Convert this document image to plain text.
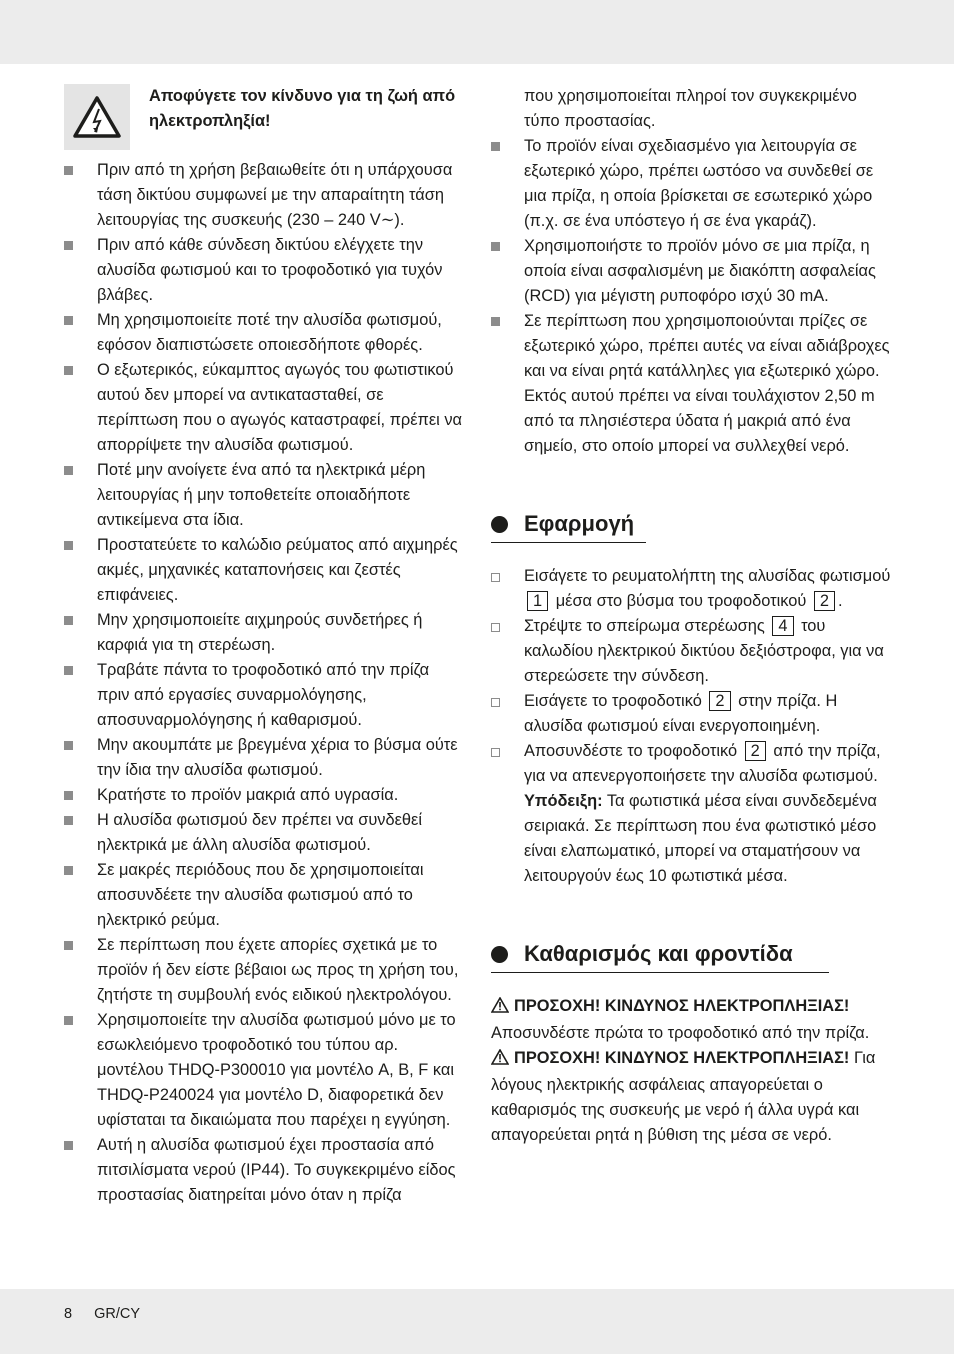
Αποφύγετε τον κίνδυνο για τη ζωή από ηλεκτροπληξία!
Πριν από τη χρήση βεβαιωθείτε ότι η υπάρχουσα τάση δικτύου συμφωνεί με την απαραίτητη τάση λειτουργίας της συσκευής (230 – 240 V∼).
Πριν από κάθε σύνδεση δικτύου ελέγχετε την αλυσίδα φωτισμού και το τροφοδοτικό για τυχόν βλάβες.
Μη χρησιμοποιείτε ποτέ την αλυσίδα φωτισμού, εφόσον διαπιστώσετε οποιεσδήποτε φθορές.
Ο εξωτερικός, εύκαμπτος αγωγός του φωτιστικού αυτού δεν μπορεί να αντικατασταθεί, σε περίπτωση που ο αγωγός καταστραφεί, πρέπει να απορρίψετε την αλυσίδα φωτισμού.
Ποτέ μην ανοίγετε ένα από τα ηλεκτρικά μέρη λειτουργίας ή μην τοποθετείτε οποιαδήποτε αντικείμενα στα ίδια.
Προστατεύετε το καλώδιο ρεύματος από αιχμηρές ακμές, μηχανικές καταπονήσεις και ζεστές επιφάνειες.
Μην χρησιμοποιείτε αιχμηρούς συνδετήρες ή καρφιά για τη στερέωση.
Τραβάτε πάντα το τροφοδοτικό από την πρίζα πριν από εργασίες συναρμολόγησης, αποσυναρμολόγησης ή καθαρισμού.
Μην ακουμπάτε με βρεγμένα χέρια το βύσμα ούτε την ίδια την αλυσίδα φωτισμού.
Κρατήστε το προϊόν μακριά από υγρασία.
Η αλυσίδα φωτισμού δεν πρέπει να συνδεθεί ηλεκτρικά με άλλη αλυσίδα φωτισμού.
Σε μακρές περιόδους που δε χρησιμοποιείται αποσυνδέετε την αλυσίδα φωτισμού από το ηλεκτρικό ρεύμα.
Σε περίπτωση που έχετε απορίες σχετικά με το προϊόν ή δεν είστε βέβαιοι ως προς τη χρήση του, ζητήστε τη συμβουλή ενός ειδικού ηλεκτρολόγου.
Χρησιμοποιείτε την αλυσίδα φωτισμού μόνο με το εσωκλειόμενο τροφοδοτικό του τύπου αρ. μοντέλου THDQ-P300010 για μοντέλο A, B, F και THDQ-P240024 για μοντέλο D, διαφορετικά δεν υφίσταται τα δικαιώματα που παρέχει η εγγύηση.
Αυτή η αλυσίδα φωτισμού έχει προστασία από πιτσιλίσματα νερού (IP44). Το συγκεκριμένο είδος προστασίας διατηρείται μόνο όταν η πρίζα
που χρησιμοποιείται πληροί τον συγκεκριμένο τύπο προστασίας.
Το προϊόν είναι σχεδιασμένο για λειτουργία σε εξωτερικό χώρο, πρέπει ωστόσο να συνδεθεί σε μια πρίζα, η οποία βρίσκεται σε εσωτερικό χώρο (π.χ. σε ένα υπόστεγο ή σε ένα γκαράζ).
Χρησιμοποιήστε το προϊόν μόνο σε μια πρίζα, η οποία είναι ασφαλισμένη με διακόπτη ασφαλείας (RCD) για μέγιστη ρυποφόρο ισχύ 30 mA.
Σε περίπτωση που χρησιμοποιούνται πρίζες σε εξωτερικό χώρο, πρέπει αυτές να είναι αδιάβροχες και να είναι ρητά κατάλληλες για εξωτερικό χώρο. Εκτός αυτού πρέπει να είναι τουλάχιστον 2,50 m από τα πλησιέστερα ύδατα ή μακριά από ένα σημείο, στο οποίο μπορεί να συλλεχθεί νερό.
Εφαρμογή
Εισάγετε το ρευματολήπτη της αλυσίδας φωτισμού 1 μέσα στο βύσμα του τροφοδοτικού 2 .
Στρέψτε το σπείρωμα στερέωσης 4 του καλωδίου ηλεκτρικού δικτύου δεξιόστροφα, για να στερεώσετε την σύνδεση.
Εισάγετε το τροφοδοτικό 2 στην πρίζα. Η αλυσίδα φωτισμού είναι ενεργοποιημένη.
Αποσυνδέστε το τροφοδοτικό 2 από την πρίζα, για να απενεργοποιήσετε την αλυσίδα φωτισμού.
Υπόδειξη: Τα φωτιστικά μέσα είναι συνδεδεμένα σειριακά. Σε περίπτωση που ένα φωτιστικό μέσο είναι ελαπωματικό, μπορεί να σταματήσουν να λειτουργούν έως 10 φωτιστικά μέσα.
Καθαρισμός και φροντίδα
ΠΡΟΣΟΧΗ! ΚΙΝΔΥΝΟΣ ΗΛΕΚΤΡΟΠΛΗΞΙΑΣ! Αποσυνδέστε πρώτα το τροφοδοτικό από την πρίζα.
ΠΡΟΣΟΧΗ! ΚΙΝΔΥΝΟΣ ΗΛΕΚΤΡΟΠΛΗΞΙΑΣ! Για λόγους ηλεκτρικής ασφάλειας απαγορεύεται ο καθαρισμός της συσκευής με νερό ή άλλα υγρά και απαγορεύεται ρητά η βύθιση της μέσα σε νερό.
8 GR/CY
